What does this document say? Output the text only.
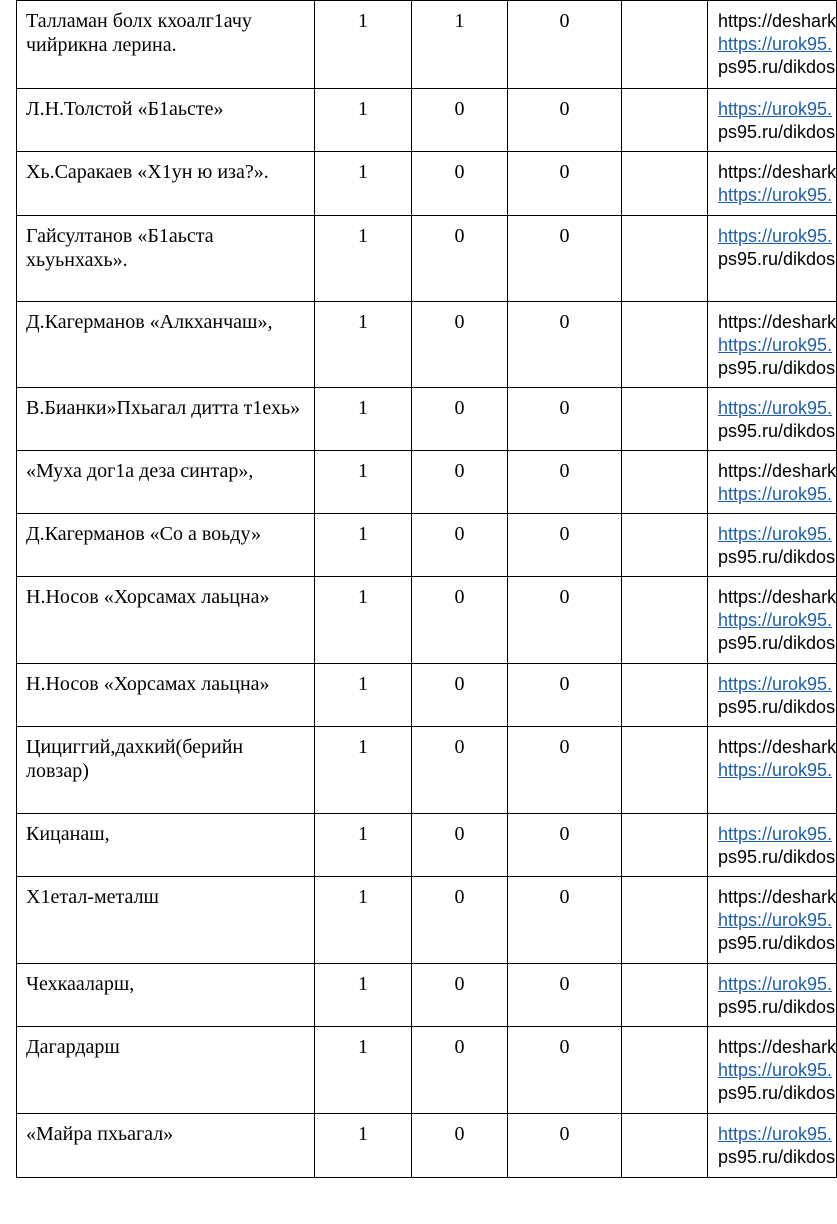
Талламан болх кхоалг1ачу чийрикна лерина.	1	1	0		https://deshark
https://urok95.
ps95.ru/dikdos

Л.Н.Толстой «Б1аьсте»	1	0	0		https://urok95.
ps95.ru/dikdos

Хь.Саракаев «Х1ун ю иза?».	1	0	0		https://deshark
https://urok95.

Гайсултанов «Б1аьста хьуьнхахь».	1	0	0		https://urok95.
ps95.ru/dikdos

Д.Кагерманов «Алкханчаш»,	1	0	0		https://deshark
https://urok95.
ps95.ru/dikdos

В.Бианки»Пхьагал дитта т1ехь»	1	0	0		https://urok95.
ps95.ru/dikdos

«Муха дог1а деза синтар»,	1	0	0		https://deshark
https://urok95.

Д.Кагерманов «Со а воьду»	1	0	0		https://urok95.
ps95.ru/dikdos

Н.Носов «Хорсамах лаьцна»	1	0	0		https://deshark
https://urok95.
ps95.ru/dikdos

Н.Носов «Хорсамах лаьцна»	1	0	0		https://urok95.
ps95.ru/dikdos

Цициггий,дахкий(берийн ловзар)	1	0	0		https://deshark
https://urok95.

Кицанаш,	1	0	0		https://urok95.
ps95.ru/dikdos

Х1етал-металш	1	0	0		https://deshark
https://urok95.
ps95.ru/dikdos

Чехкааларш,	1	0	0		https://urok95.
ps95.ru/dikdos

Дагардарш	1	0	0		https://deshark
https://urok95.
ps95.ru/dikdos

«Майра пхьагал»	1	0	0		https://urok95.
ps95.ru/dikdos
